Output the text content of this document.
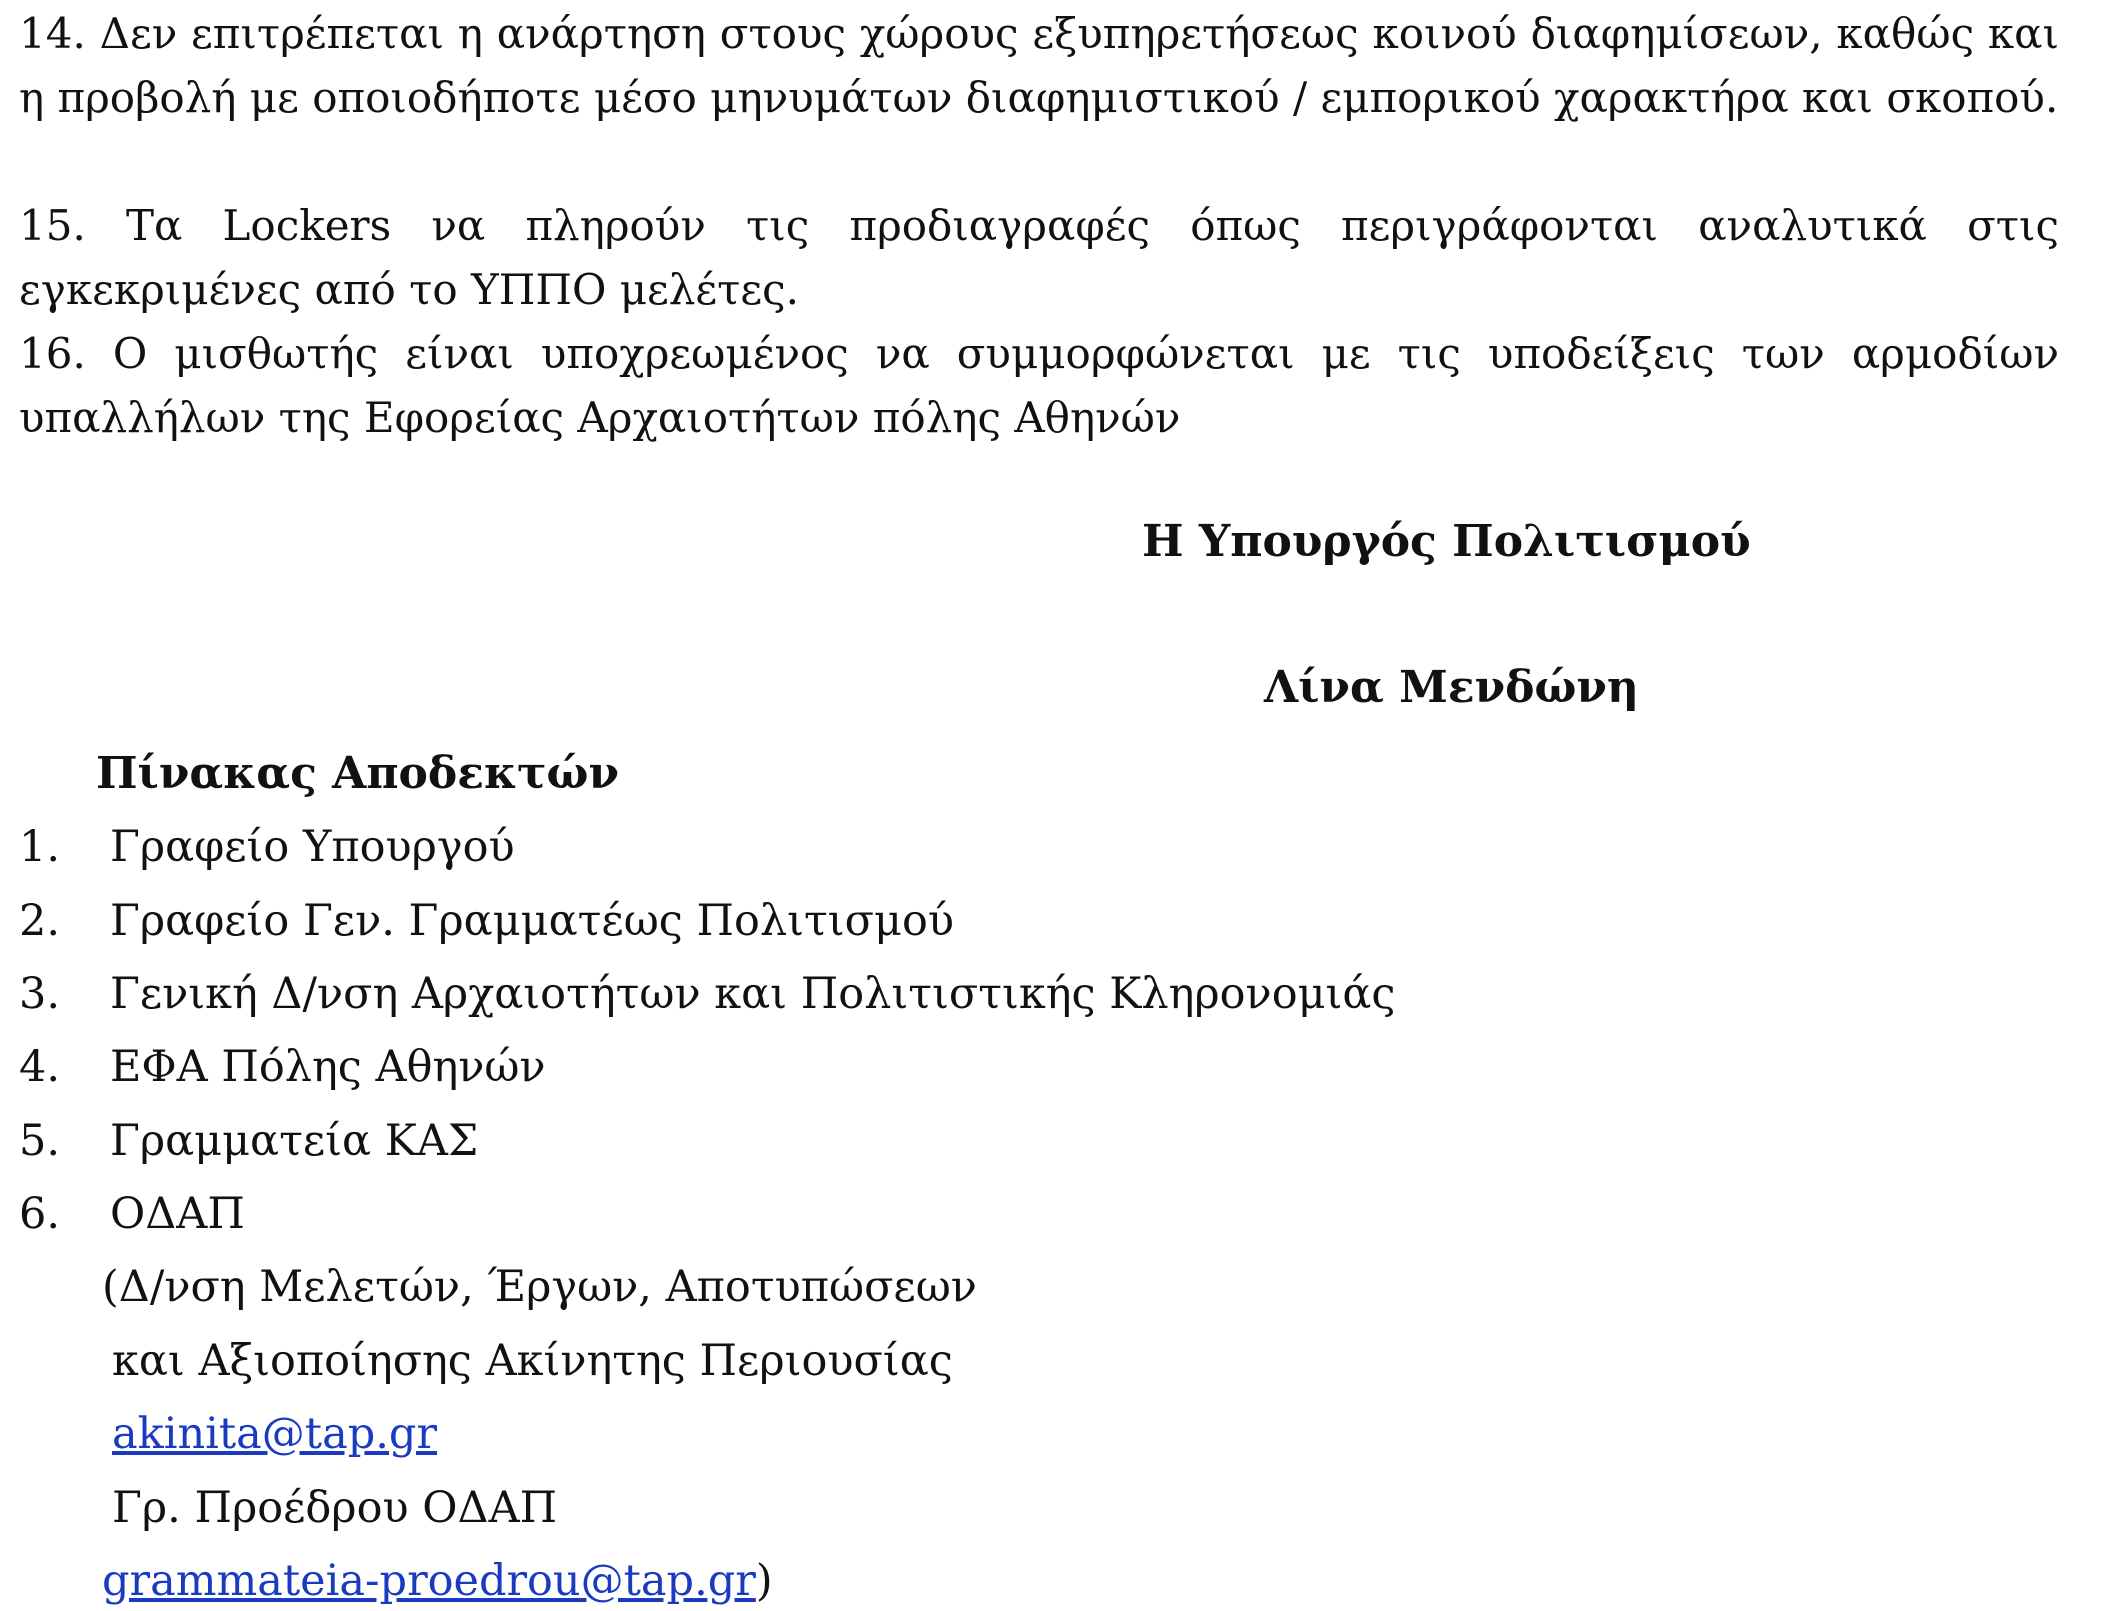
14. Δεν επιτρέπεται η ανάρτηση στους χώρους εξυπηρετήσεως κοινού διαφημίσεων, καθώς και η προβολή με οποιοδήποτε μέσο μηνυμάτων διαφημιστικού / εμπορικού χαρακτήρα και σκοπού.

15. Τα Lockers να πληρούν τις προδιαγραφές όπως περιγράφονται αναλυτικά στις εγκεκριμένες από το ΥΠΠΟ μελέτες.

16. Ο μισθωτής είναι υποχρεωμένος να συμμορφώνεται με τις υποδείξεις των αρμοδίων υπαλλήλων της Εφορείας Αρχαιοτήτων πόλης Αθηνών

Η Υπουργός Πολιτισμού

Λίνα Μενδώνη

Πίνακας Αποδεκτών

1. Γραφείο Υπουργού
2. Γραφείο Γεν. Γραμματέως Πολιτισμού
3. Γενική Δ/νση Αρχαιοτήτων και Πολιτιστικής Κληρονομιάς
4. ΕΦΑ Πόλης Αθηνών
5. Γραμματεία ΚΑΣ
6. ΟΔΑΠ
(Δ/νση Μελετών, Έργων, Αποτυπώσεων
και Αξιοποίησης Ακίνητης Περιουσίας
akinita@tap.gr
Γρ. Προέδρου ΟΔΑΠ
grammateia-proedrou@tap.gr)
